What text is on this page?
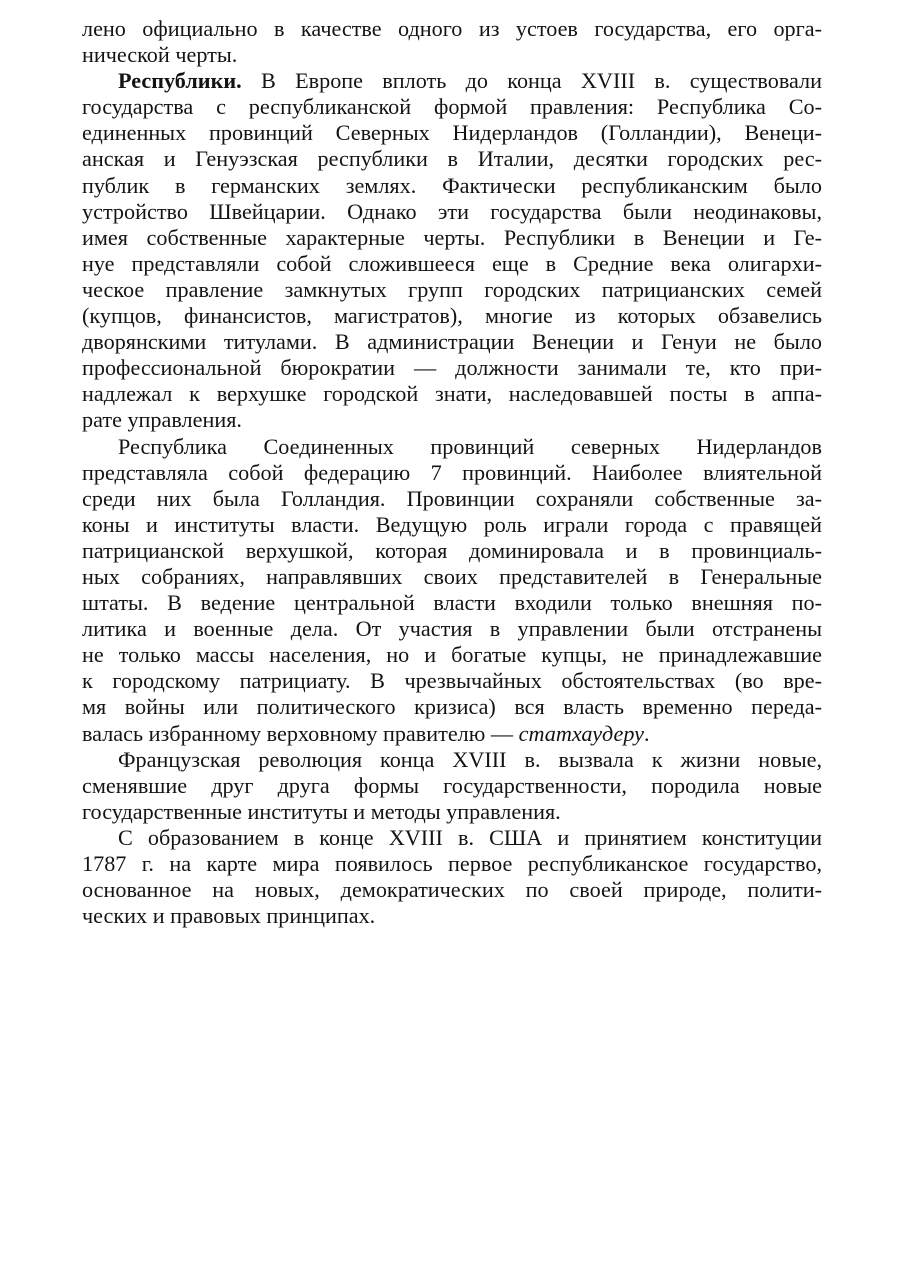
лено официально в качестве одного из устоев государства, его орга-
нической черты.
Республики. В Европе вплоть до конца XVIII в. существовали
государства с республиканской формой правления: Республика Со-
единенных провинций Северных Нидерландов (Голландии), Венеци-
анская и Генуэзская республики в Италии, десятки городских рес-
публик в германских землях. Фактически республиканским было
устройство Швейцарии. Однако эти государства были неодинаковы,
имея собственные характерные черты. Республики в Венеции и Ге-
нуе представляли собой сложившееся еще в Средние века олигархи-
ческое правление замкнутых групп городских патрицианских семей
(купцов, финансистов, магистратов), многие из которых обзавелись
дворянскими титулами. В администрации Венеции и Генуи не было
профессиональной бюрократии — должности занимали те, кто при-
надлежал к верхушке городской знати, наследовавшей посты в аппа-
рате управления.
Республика Соединенных провинций северных Нидерландов
представляла собой федерацию 7 провинций. Наиболее влиятельной
среди них была Голландия. Провинции сохраняли собственные за-
коны и институты власти. Ведущую роль играли города с правящей
патрицианской верхушкой, которая доминировала и в провинциаль-
ных собраниях, направлявших своих представителей в Генеральные
штаты. В ведение центральной власти входили только внешняя по-
литика и военные дела. От участия в управлении были отстранены
не только массы населения, но и богатые купцы, не принадлежавшие
к городскому патрициату. В чрезвычайных обстоятельствах (во вре-
мя войны или политического кризиса) вся власть временно переда-
валась избранному верховному правителю — статхаудеру.
Французская революция конца XVIII в. вызвала к жизни новые,
сменявшие друг друга формы государственности, породила новые
государственные институты и методы управления.
С образованием в конце XVIII в. США и принятием конституции
1787 г. на карте мира появилось первое республиканское государство,
основанное на новых, демократических по своей природе, полити-
ческих и правовых принципах.
